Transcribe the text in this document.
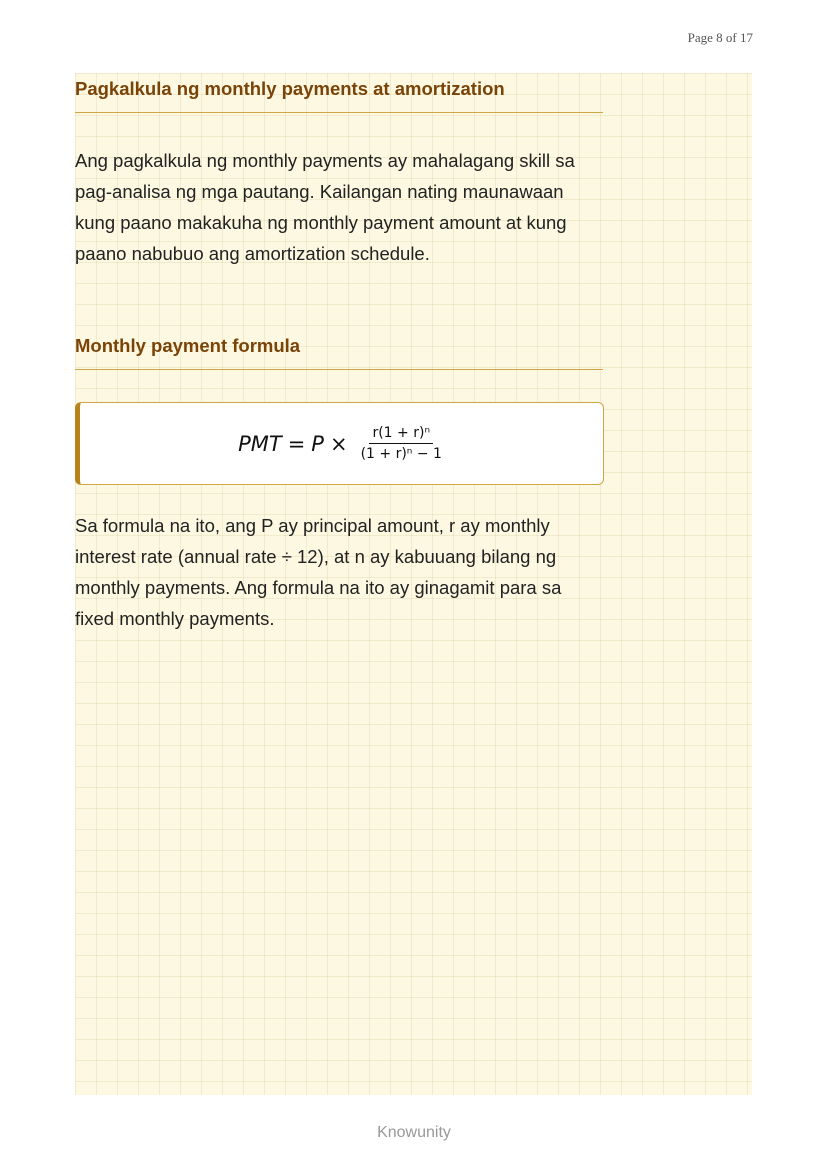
Page 8 of 17
Pagkalkula ng monthly payments at amortization
Ang pagkalkula ng monthly payments ay mahalagang skill sa pag-analisa ng mga pautang. Kailangan nating maunawaan kung paano makakuha ng monthly payment amount at kung paano nabubuo ang amortization schedule.
Monthly payment formula
PMT = $P \times \frac{\text{r(1 + r)ⁿ}}{\text{(1 + r)ⁿ − 1}}$
Sa formula na ito, ang P ay principal amount, r ay monthly interest rate (annual rate ÷ 12), at n ay kabuuang bilang ng monthly payments. Ang formula na ito ay ginagamit para sa fixed monthly payments.
Knowunity
